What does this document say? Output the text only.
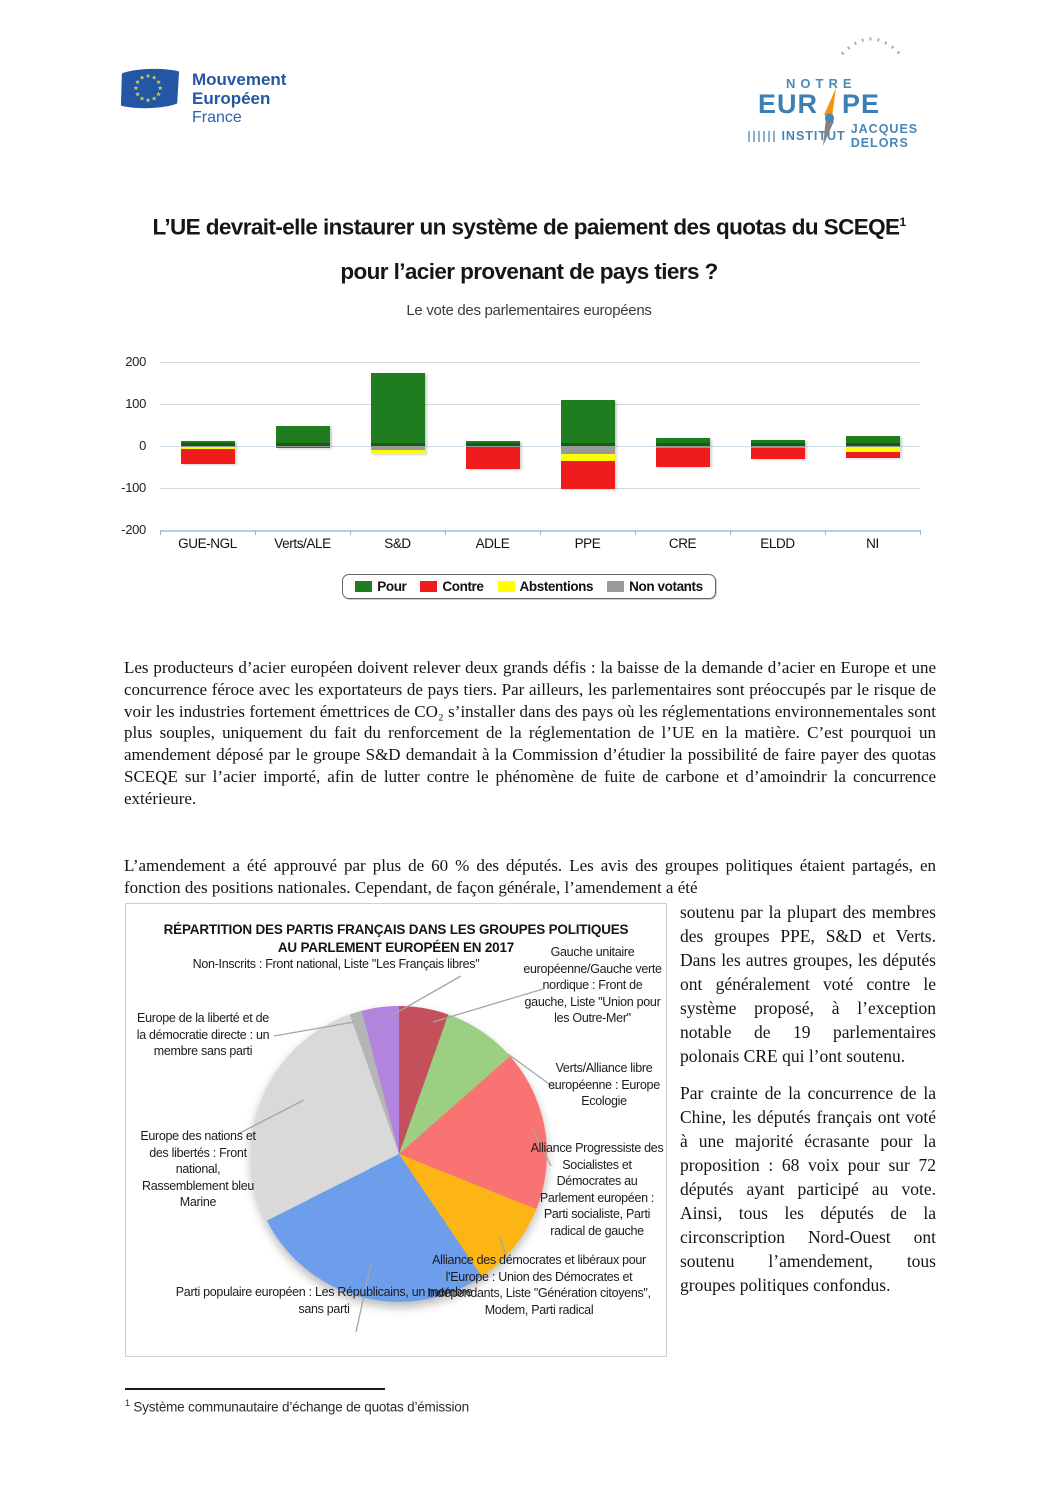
Mouvement
Européen
France
NOTRE
EUR PE
INSTITUT JACQUES DELORS
L’UE devrait-elle instaurer un système de paiement des quotas du SCEQE$^1$
pour l’acier provenant de pays tiers ?
Le vote des parlementaires européens
200
100
0
-100
-200
GUE-NGL	Verts/ALE	S&D	ADLE	PPE	CRE	ELDD	NI
Pour	Contre	Abstentions	Non votants
Les producteurs d’acier européen doivent relever deux grands défis : la baisse de la demande d’acier en Europe et une concurrence féroce avec les exportateurs de pays tiers. Par ailleurs, les parlementaires sont préoccupés par le risque de voir les industries fortement émettrices de CO₂ s’installer dans des pays où les réglementations environnementales sont plus souples, uniquement du fait du renforcement de la réglementation de l’UE en la matière. C’est pourquoi un amendement déposé par le groupe S&D demandait à la Commission d’étudier la possibilité de faire payer des quotas SCEQE sur l’acier importé, afin de lutter contre le phénomène de fuite de carbone et d’amoindrir la concurrence extérieure.
L’amendement a été approuvé par plus de 60 % des députés. Les avis des groupes politiques étaient partagés, en fonction des positions nationales. Cependant, de façon générale, l’amendement a été
RÉPARTITION DES PARTIS FRANÇAIS DANS LES GROUPES POLITIQUES
AU PARLEMENT EUROPÉEN EN 2017
Non-Inscrits : Front national, Liste "Les Français libres"
Gauche unitaire européenne/Gauche verte nordique : Front de gauche, Liste "Union pour les Outre-Mer"
Europe de la liberté et de la démocratie directe : un membre sans parti
Verts/Alliance libre européenne : Europe Ecologie
Europe des nations et des libertés : Front national, Rassemblement bleu Marine
Alliance Progressiste des Socialistes et Démocrates au Parlement européen : Parti socialiste, Parti radical de gauche
Parti populaire européen : Les Républicains, un membre sans parti
Alliance des démocrates et libéraux pour l'Europe : Union des Démocrates et Indépendants, Liste "Génération citoyens", Modem, Parti radical

soutenu par la plupart des membres des groupes PPE, S&D et Verts. Dans les autres groupes, les députés ont généralement voté contre le système proposé, à l’exception notable de 19 parlementaires polonais CRE qui l’ont soutenu.

Par crainte de la concurrence de la Chine, les députés français ont voté à une majorité écrasante pour la proposition : 68 voix pour sur 72 députés ayant participé au vote. Ainsi, tous les députés de la circonscription Nord-Ouest ont soutenu l’amendement, tous groupes politiques confondus.

$^1$ Système communautaire d’échange de quotas d’émission
